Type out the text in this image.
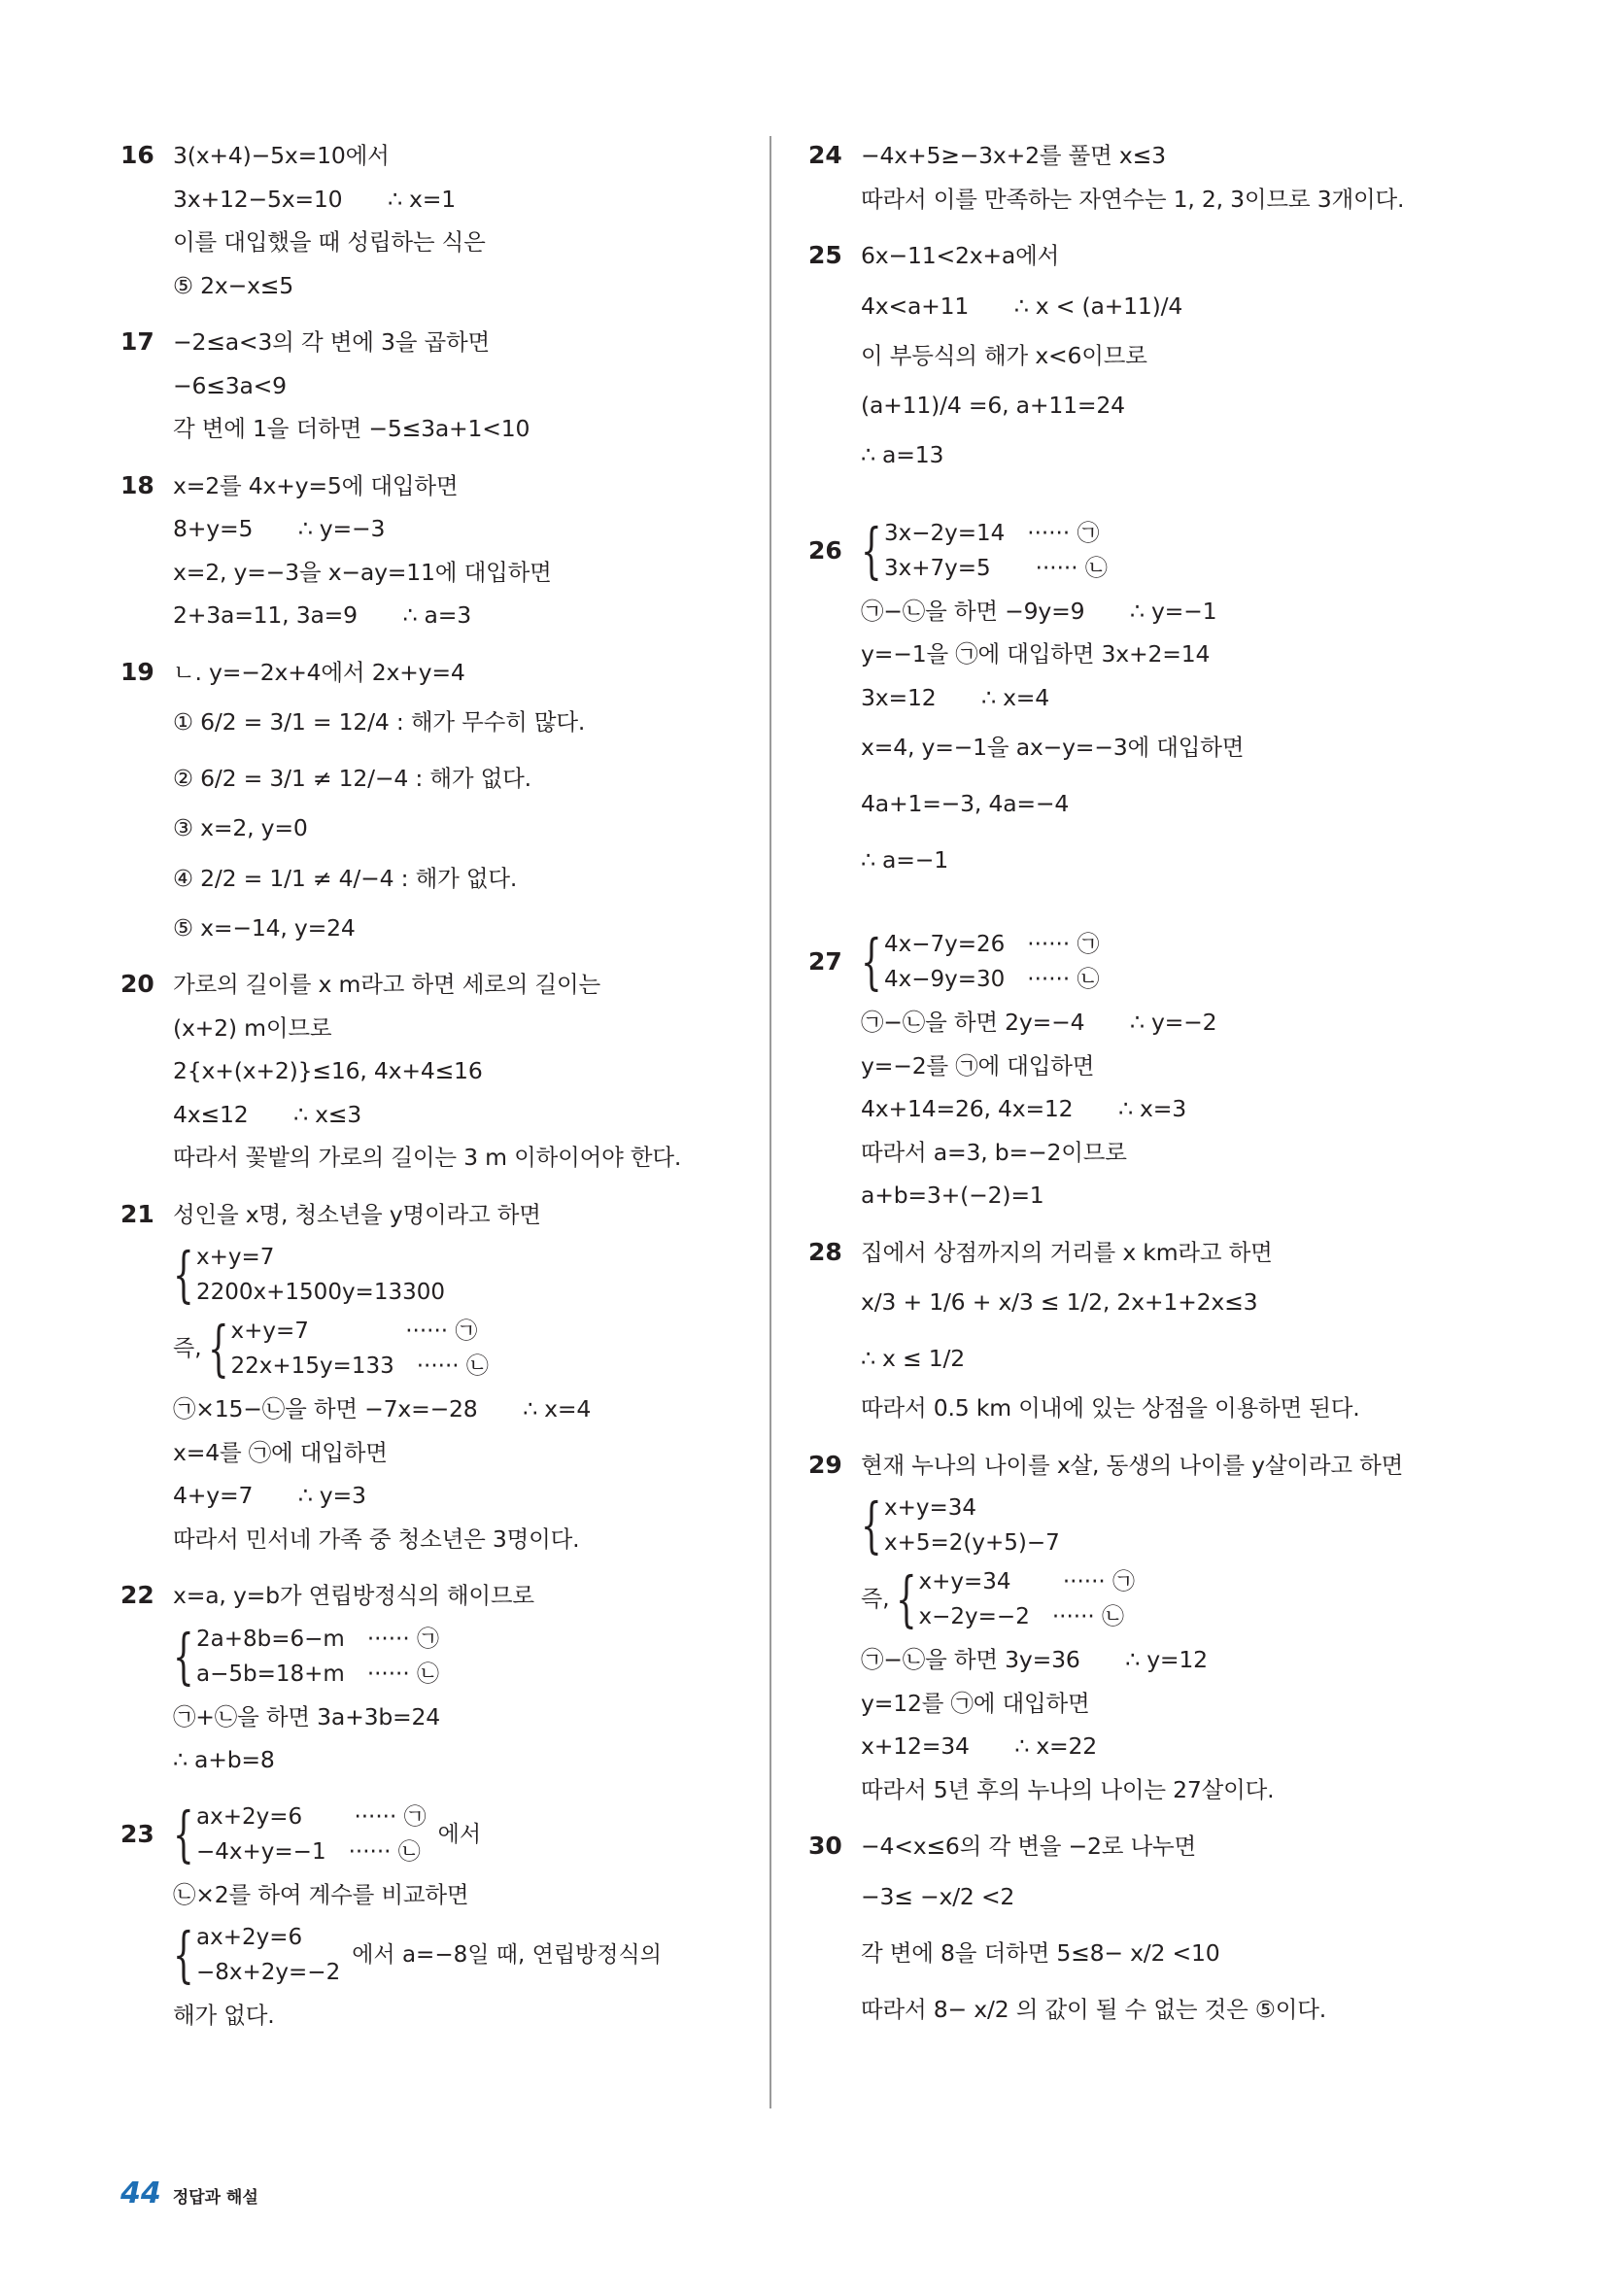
16 3(x+4)−5x=10에서
3x+12−5x=10　　∴ x=1
이를 대입했을 때 성립하는 식은
⑤ 2x−x≤5
17 −2≤a<3의 각 변에 3을 곱하면
−6≤3a<9
각 변에 1을 더하면 −5≤3a+1<10
18 x=2를 4x+y=5에 대입하면
8+y=5　　∴ y=−3
x=2, y=−3을 x−ay=11에 대입하면
2+3a=11, 3a=9　　∴ a=3
19 ㄴ. y=−2x+4에서 2x+y=4
① 6/2 = 3/1 = 12/4 : 해가 무수히 많다.
② 6/2 = 3/1 ≠ 12/−4 : 해가 없다.
③ x=2, y=0
④ 2/2 = 1/1 ≠ 4/−4 : 해가 없다.
⑤ x=−14, y=24
20 가로의 길이를 x m라고 하면 세로의 길이는
(x+2) m이므로
2{x+(x+2)}≤16, 4x+4≤16
4x≤12　　∴ x≤3
따라서 꽃밭의 가로의 길이는 3 m 이하이어야 한다.
21 성인을 x명, 청소년을 y명이라고 하면
{ x+y=7
2200x+1500y=13300
즉, { x+y=7　　　　 ······ ㉠
22x+15y=133　······ ㉡
㉠×15−㉡을 하면 −7x=−28　　∴ x=4
x=4를 ㉠에 대입하면
4+y=7　　∴ y=3
따라서 민서네 가족 중 청소년은 3명이다.
22 x=a, y=b가 연립방정식의 해이므로
{ 2a+8b=6−m　······ ㉠
a−5b=18+m　······ ㉡
㉠+㉡을 하면 3a+3b=24
∴ a+b=8
23 { ax+2y=6　　 ······ ㉠
−4x+y=−1　······ ㉡
에서
㉡×2를 하여 계수를 비교하면
{ ax+2y=6
−8x+2y=−2
에서 a=−8일 때, 연립방정식의
해가 없다.
24 −4x+5≥−3x+2를 풀면 x≤3
따라서 이를 만족하는 자연수는 1, 2, 3이므로 3개이다.
25 6x−11<2x+a에서
4x<a+11　　∴ x < (a+11)/4
이 부등식의 해가 x<6이므로
(a+11)/4 =6, a+11=24
∴ a=13
26 { 3x−2y=14　······ ㉠
3x+7y=5　　······ ㉡
㉠−㉡을 하면 −9y=9　　∴ y=−1
y=−1을 ㉠에 대입하면 3x+2=14
3x=12　　∴ x=4
x=4, y=−1을 ax−y=−3에 대입하면
4a+1=−3, 4a=−4
∴ a=−1
27 { 4x−7y=26　······ ㉠
4x−9y=30　······ ㉡
㉠−㉡을 하면 2y=−4　　∴ y=−2
y=−2를 ㉠에 대입하면
4x+14=26, 4x=12　　∴ x=3
따라서 a=3, b=−2이므로
a+b=3+(−2)=1
28 집에서 상점까지의 거리를 x km라고 하면
x/3 + 1/6 + x/3 ≤ 1/2, 2x+1+2x≤3
∴ x ≤ 1/2
따라서 0.5 km 이내에 있는 상점을 이용하면 된다.
29 현재 누나의 나이를 x살, 동생의 나이를 y살이라고 하면
{ x+y=34
x+5=2(y+5)−7
즉, { x+y=34　　 ······ ㉠
x−2y=−2　······ ㉡
㉠−㉡을 하면 3y=36　　∴ y=12
y=12를 ㉠에 대입하면
x+12=34　　∴ x=22
따라서 5년 후의 누나의 나이는 27살이다.
30 −4<x≤6의 각 변을 −2로 나누면
−3≤ −x/2 <2
각 변에 8을 더하면 5≤8− x/2 <10
따라서 8− x/2 의 값이 될 수 없는 것은 ⑤이다.
44 정답과 해설
